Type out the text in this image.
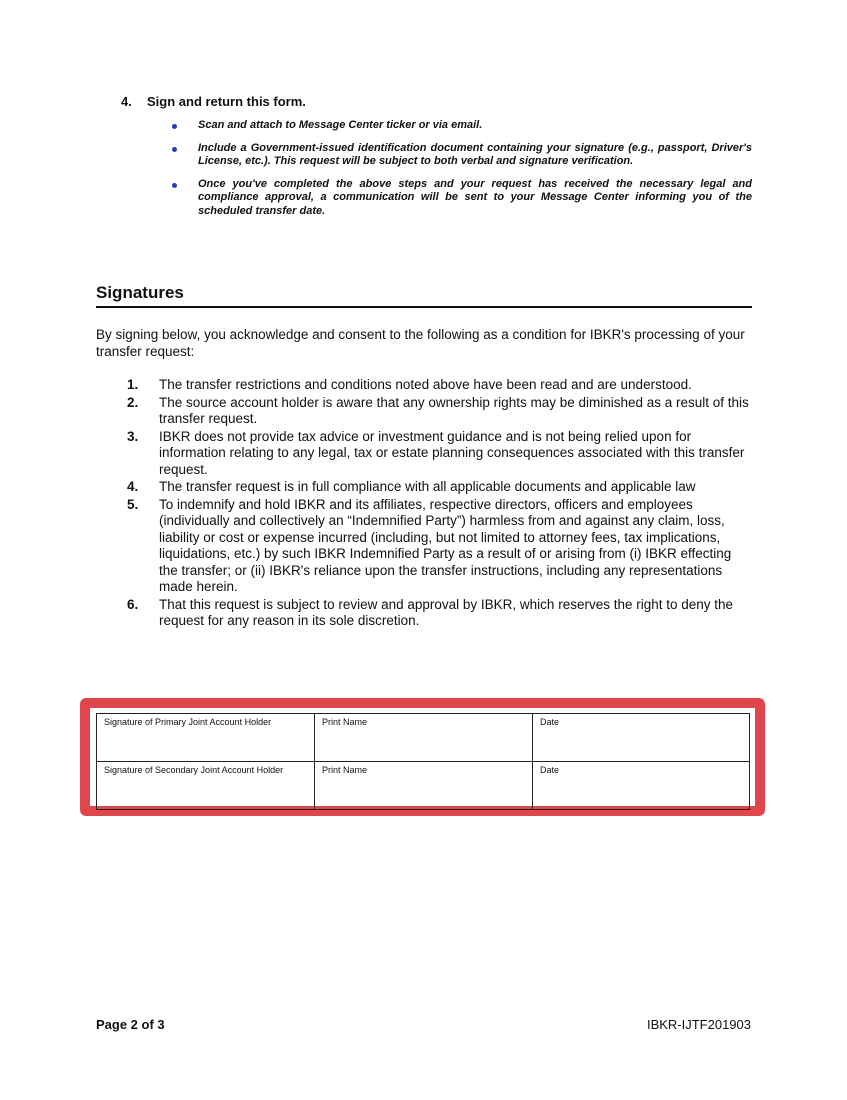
4. Sign and return this form.
Scan and attach to Message Center ticker or via email.
Include a Government-issued identification document containing your signature (e.g., passport, Driver's License, etc.). This request will be subject to both verbal and signature verification.
Once you've completed the above steps and your request has received the necessary legal and compliance approval, a communication will be sent to your Message Center informing you of the scheduled transfer date.
Signatures
By signing below, you acknowledge and consent to the following as a condition for IBKR's processing of your transfer request:
1. The transfer restrictions and conditions noted above have been read and are understood.
2. The source account holder is aware that any ownership rights may be diminished as a result of this transfer request.
3. IBKR does not provide tax advice or investment guidance and is not being relied upon for information relating to any legal, tax or estate planning consequences associated with this transfer request.
4. The transfer request is in full compliance with all applicable documents and applicable law
5. To indemnify and hold IBKR and its affiliates, respective directors, officers and employees (individually and collectively an “Indemnified Party”) harmless from and against any claim, loss, liability or cost or expense incurred (including, but not limited to attorney fees, tax implications, liquidations, etc.) by such IBKR Indemnified Party as a result of or arising from (i) IBKR effecting the transfer; or (ii) IBKR's reliance upon the transfer instructions, including any representations made herein.
6. That this request is subject to review and approval by IBKR, which reserves the right to deny the request for any reason in its sole discretion.
Signature of Primary Joint Account Holder	Print Name	Date
Signature of Secondary Joint Account Holder	Print Name	Date
Page 2 of 3	IBKR-IJTF201903
